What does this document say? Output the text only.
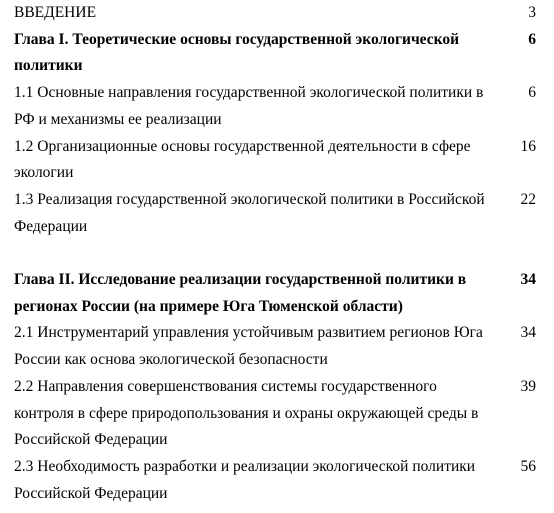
ВВЕДЕНИЕ	3
Глава I. Теоретические основы государственной экологической политики
6
1.1 Основные направления государственной экологической политики в РФ и механизмы ее реализации
6
1.2 Организационные основы государственной деятельности в сфере экологии
16
1.3 Реализация государственной экологической политики в Российской Федерации
22
Глава II. Исследование реализации государственной политики в регионах России (на примере Юга Тюменской области)
34
2.1 Инструментарий управления устойчивым развитием регионов Юга России как основа экологической безопасности
34
2.2 Направления совершенствования системы государственного контроля в сфере природопользования и охраны окружающей среды в Российской Федерации
39
2.3 Необходимость разработки и реализации экологической политики Российской Федерации
56
